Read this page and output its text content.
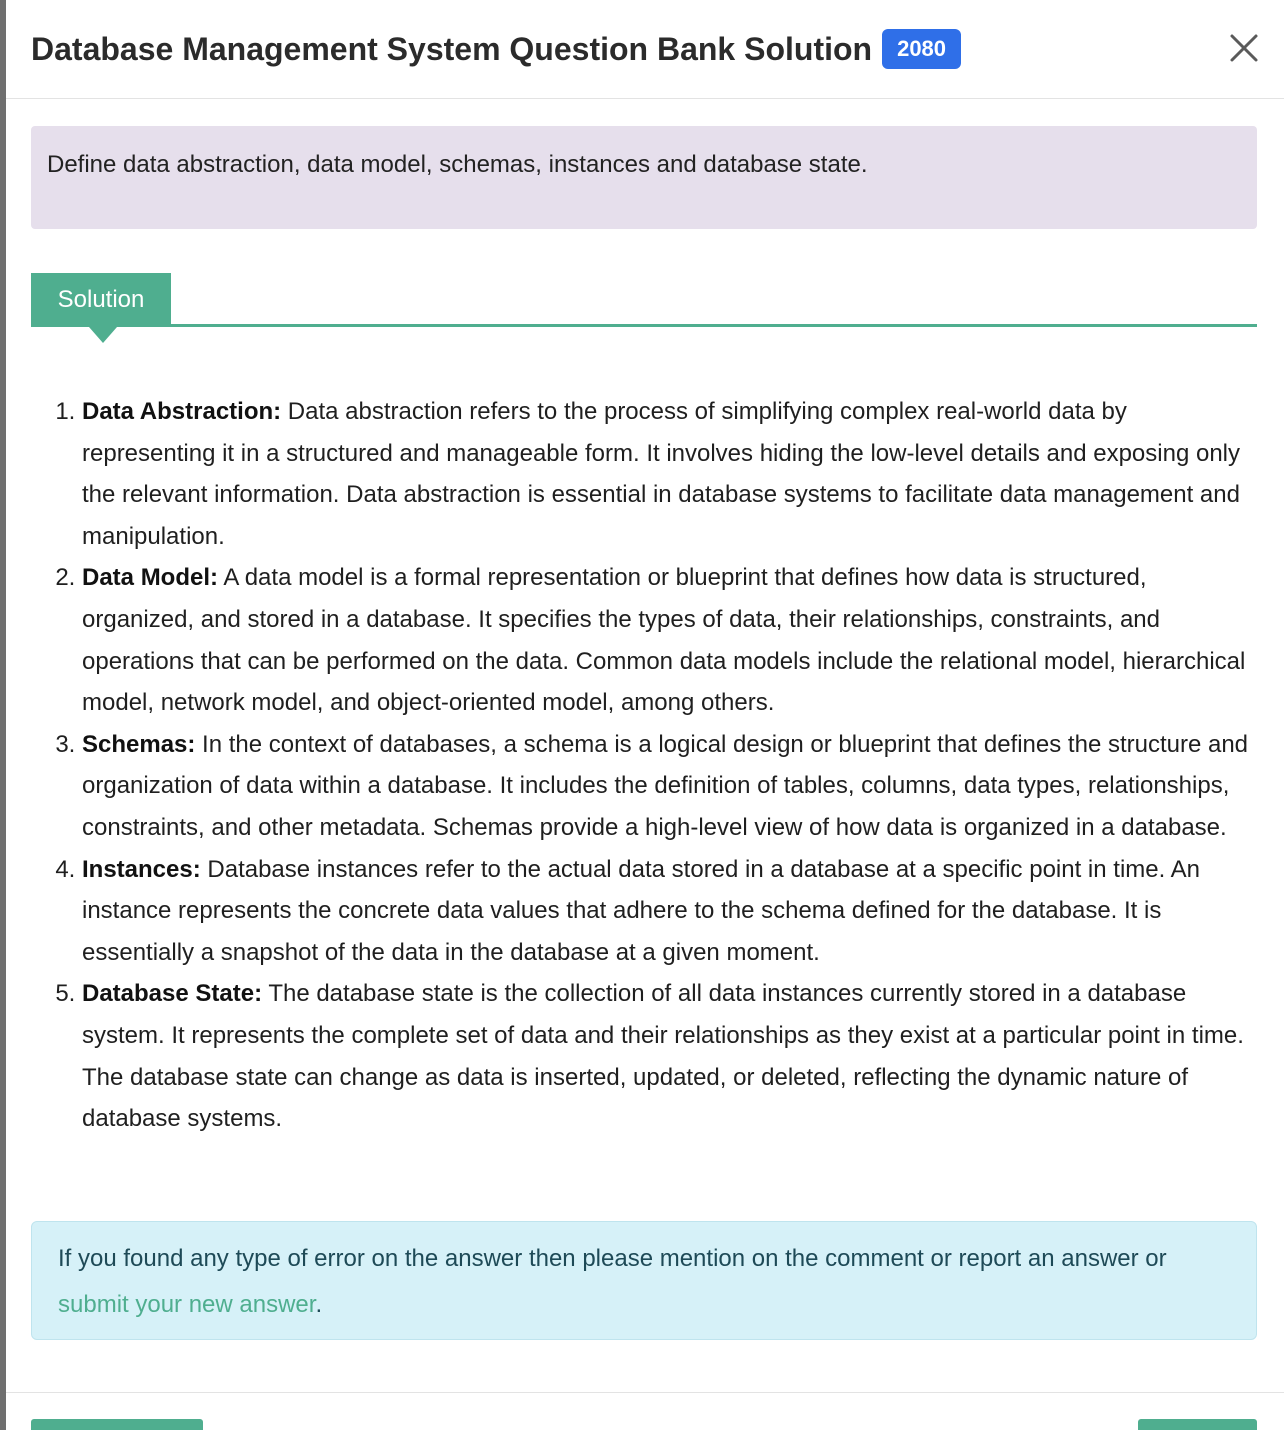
Database Management System Question Bank Solution	2080
Define data abstraction, data model, schemas, instances and database state.
Solution
1. Data Abstraction: Data abstraction refers to the process of simplifying complex real-world data by representing it in a structured and manageable form. It involves hiding the low-level details and exposing only the relevant information. Data abstraction is essential in database systems to facilitate data management and manipulation.
2. Data Model: A data model is a formal representation or blueprint that defines how data is structured, organized, and stored in a database. It specifies the types of data, their relationships, constraints, and operations that can be performed on the data. Common data models include the relational model, hierarchical model, network model, and object-oriented model, among others.
3. Schemas: In the context of databases, a schema is a logical design or blueprint that defines the structure and organization of data within a database. It includes the definition of tables, columns, data types, relationships, constraints, and other metadata. Schemas provide a high-level view of how data is organized in a database.
4. Instances: Database instances refer to the actual data stored in a database at a specific point in time. An instance represents the concrete data values that adhere to the schema defined for the database. It is essentially a snapshot of the data in the database at a given moment.
5. Database State: The database state is the collection of all data instances currently stored in a database system. It represents the complete set of data and their relationships as they exist at a particular point in time. The database state can change as data is inserted, updated, or deleted, reflecting the dynamic nature of database systems.
If you found any type of error on the answer then please mention on the comment or report an answer or submit your new answer.
